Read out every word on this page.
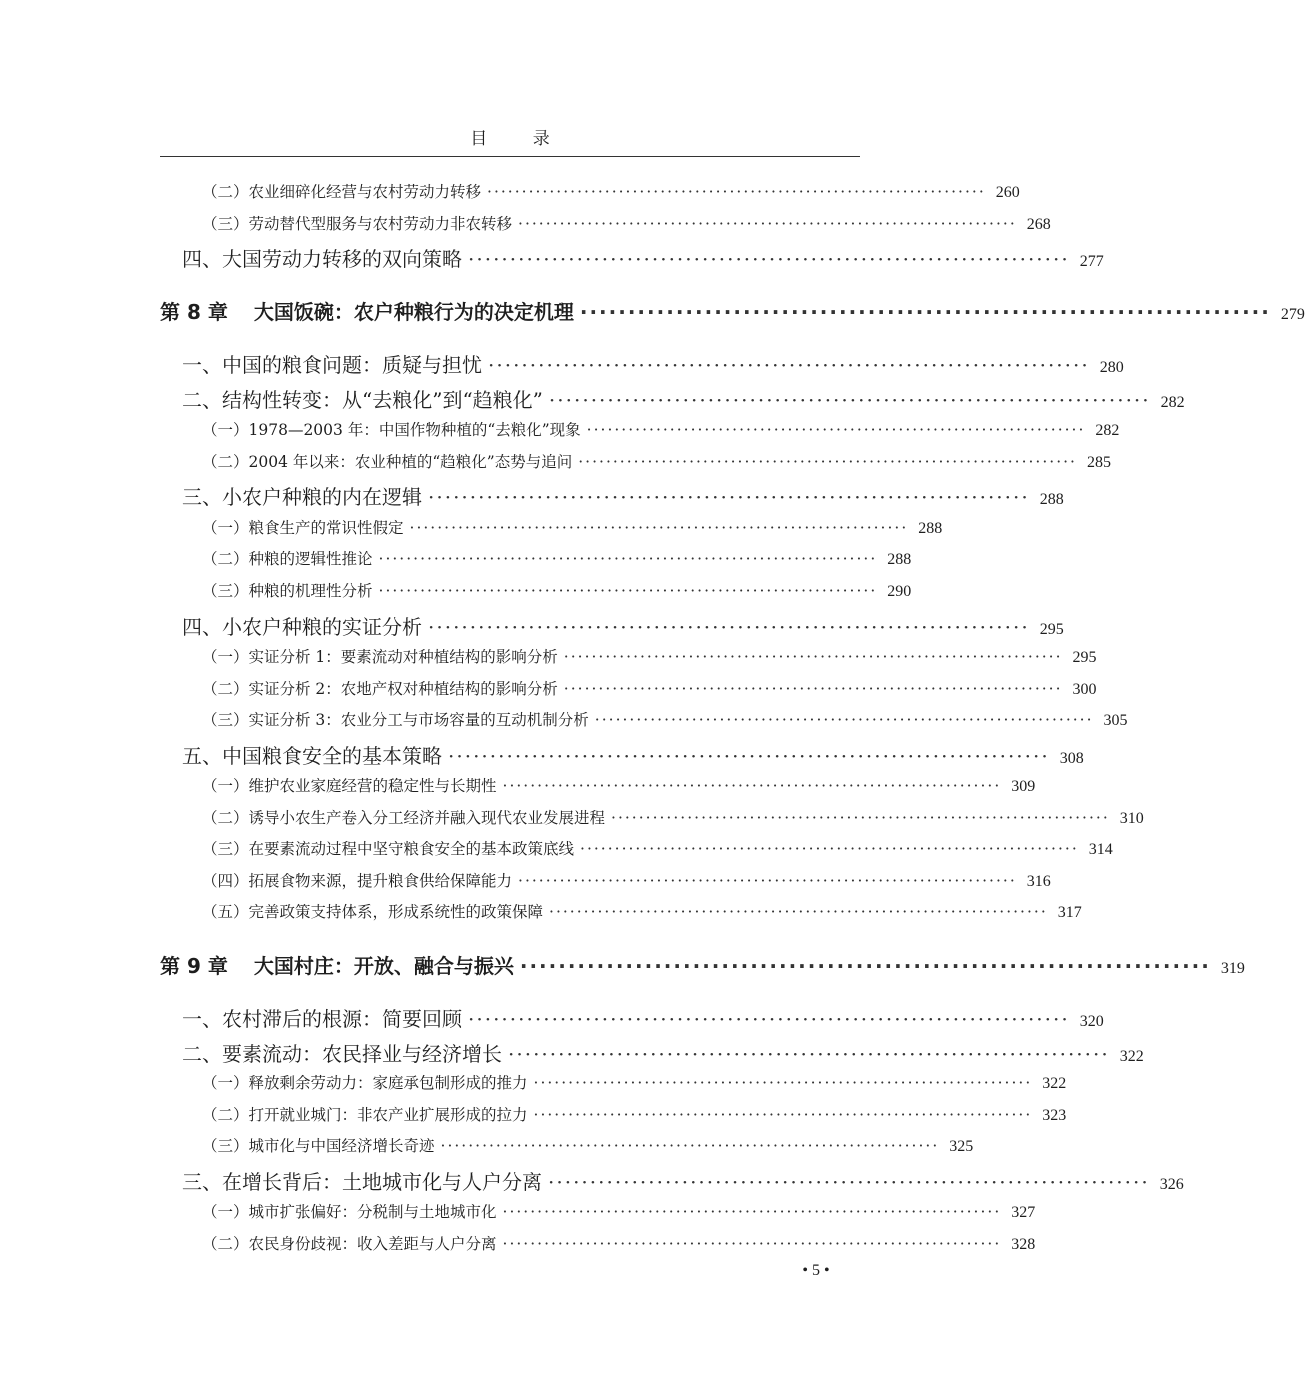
目	录
（二）农业细碎化经营与农村劳动力转移 ········································································ 260
（三）劳动替代型服务与农村劳动力非农转移 ········································································ 268
四、大国劳动力转移的双向策略 ········································································ 277
第 8 章 大国饭碗：农户种粮行为的决定机理 ········································································ 279
一、中国的粮食问题：质疑与担忧 ········································································ 280
二、结构性转变：从“去粮化”到“趋粮化” ········································································ 282
（一）1978—2003 年：中国作物种植的“去粮化”现象 ········································································ 282
（二）2004 年以来：农业种植的“趋粮化”态势与追问 ········································································ 285
三、小农户种粮的内在逻辑 ········································································ 288
（一）粮食生产的常识性假定 ········································································ 288
（二）种粮的逻辑性推论 ········································································ 288
（三）种粮的机理性分析 ········································································ 290
四、小农户种粮的实证分析 ········································································ 295
（一）实证分析 1：要素流动对种植结构的影响分析 ········································································ 295
（二）实证分析 2：农地产权对种植结构的影响分析 ········································································ 300
（三）实证分析 3：农业分工与市场容量的互动机制分析 ········································································ 305
五、中国粮食安全的基本策略 ········································································ 308
（一）维护农业家庭经营的稳定性与长期性 ········································································ 309
（二）诱导小农生产卷入分工经济并融入现代农业发展进程 ········································································ 310
（三）在要素流动过程中坚守粮食安全的基本政策底线 ········································································ 314
（四）拓展食物来源，提升粮食供给保障能力 ········································································ 316
（五）完善政策支持体系，形成系统性的政策保障 ········································································ 317
第 9 章 大国村庄：开放、融合与振兴 ········································································ 319
一、农村滞后的根源：简要回顾 ········································································ 320
二、要素流动：农民择业与经济增长 ········································································ 322
（一）释放剩余劳动力：家庭承包制形成的推力 ········································································ 322
（二）打开就业城门：非农产业扩展形成的拉力 ········································································ 323
（三）城市化与中国经济增长奇迹 ········································································ 325
三、在增长背后：土地城市化与人户分离 ········································································ 326
（一）城市扩张偏好：分税制与土地城市化 ········································································ 327
（二）农民身份歧视：收入差距与人户分离 ········································································ 328
• 5 •
